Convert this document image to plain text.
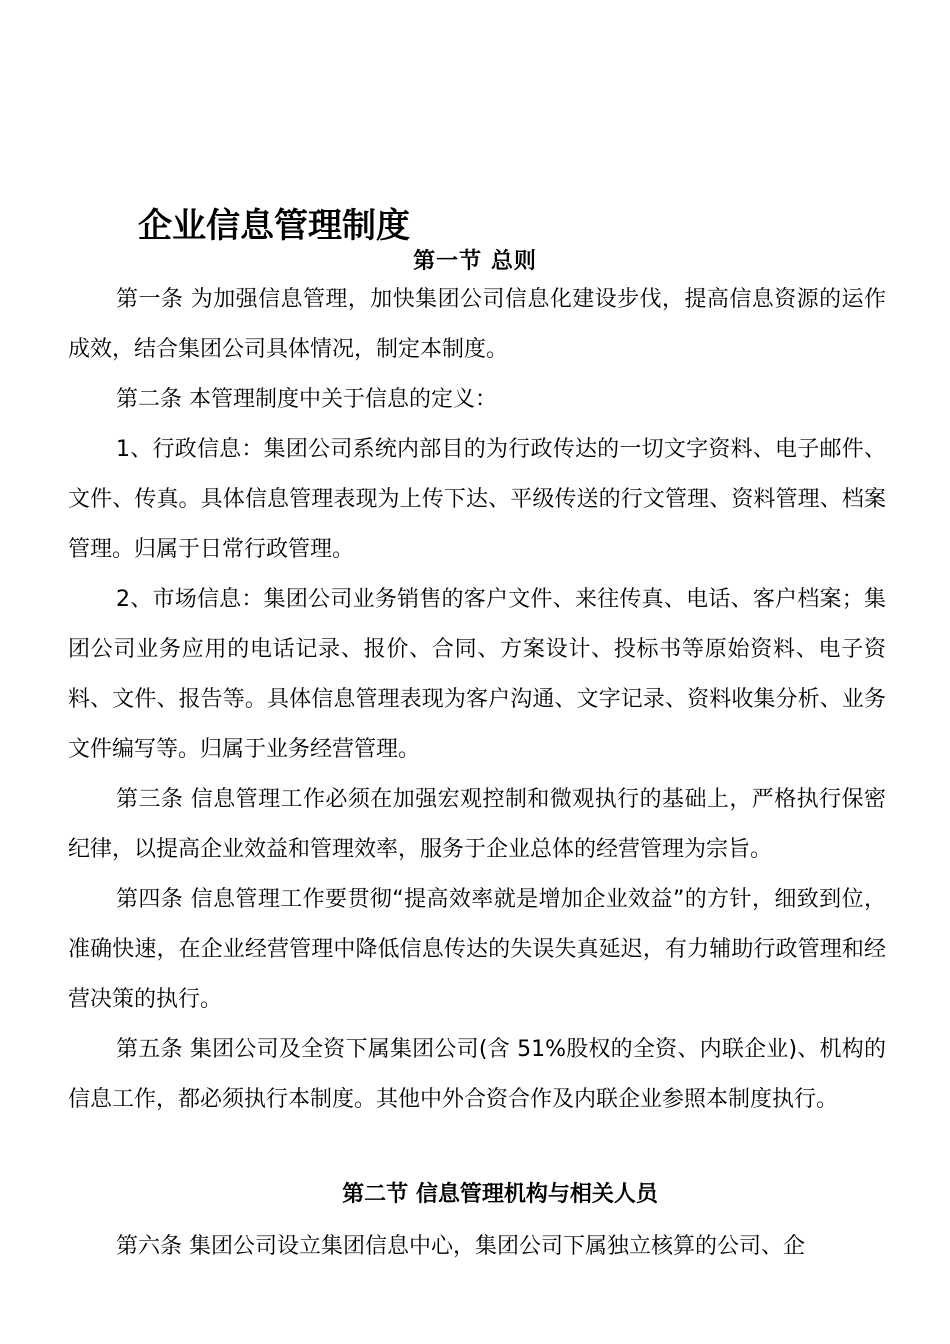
企业信息管理制度
第一节 总则

第一条 为加强信息管理，加快集团公司信息化建设步伐，提高信息资源的运作成效，结合集团公司具体情况，制定本制度。

第二条 本管理制度中关于信息的定义：

1、行政信息：集团公司系统内部目的为行政传达的一切文字资料、电子邮件、文件、传真。具体信息管理表现为上传下达、平级传送的行文管理、资料管理、档案管理。归属于日常行政管理。

2、市场信息：集团公司业务销售的客户文件、来往传真、电话、客户档案；集团公司业务应用的电话记录、报价、合同、方案设计、投标书等原始资料、电子资料、文件、报告等。具体信息管理表现为客户沟通、文字记录、资料收集分析、业务文件编写等。归属于业务经营管理。

第三条 信息管理工作必须在加强宏观控制和微观执行的基础上，严格执行保密纪律，以提高企业效益和管理效率，服务于企业总体的经营管理为宗旨。

第四条 信息管理工作要贯彻“提高效率就是增加企业效益”的方针，细致到位，准确快速，在企业经营管理中降低信息传达的失误失真延迟，有力辅助行政管理和经营决策的执行。

第五条 集团公司及全资下属集团公司(含 51%股权的全资、内联企业)、机构的信息工作，都必须执行本制度。其他中外合资合作及内联企业参照本制度执行。

第二节 信息管理机构与相关人员

第六条 集团公司设立集团信息中心，集团公司下属独立核算的公司、企
